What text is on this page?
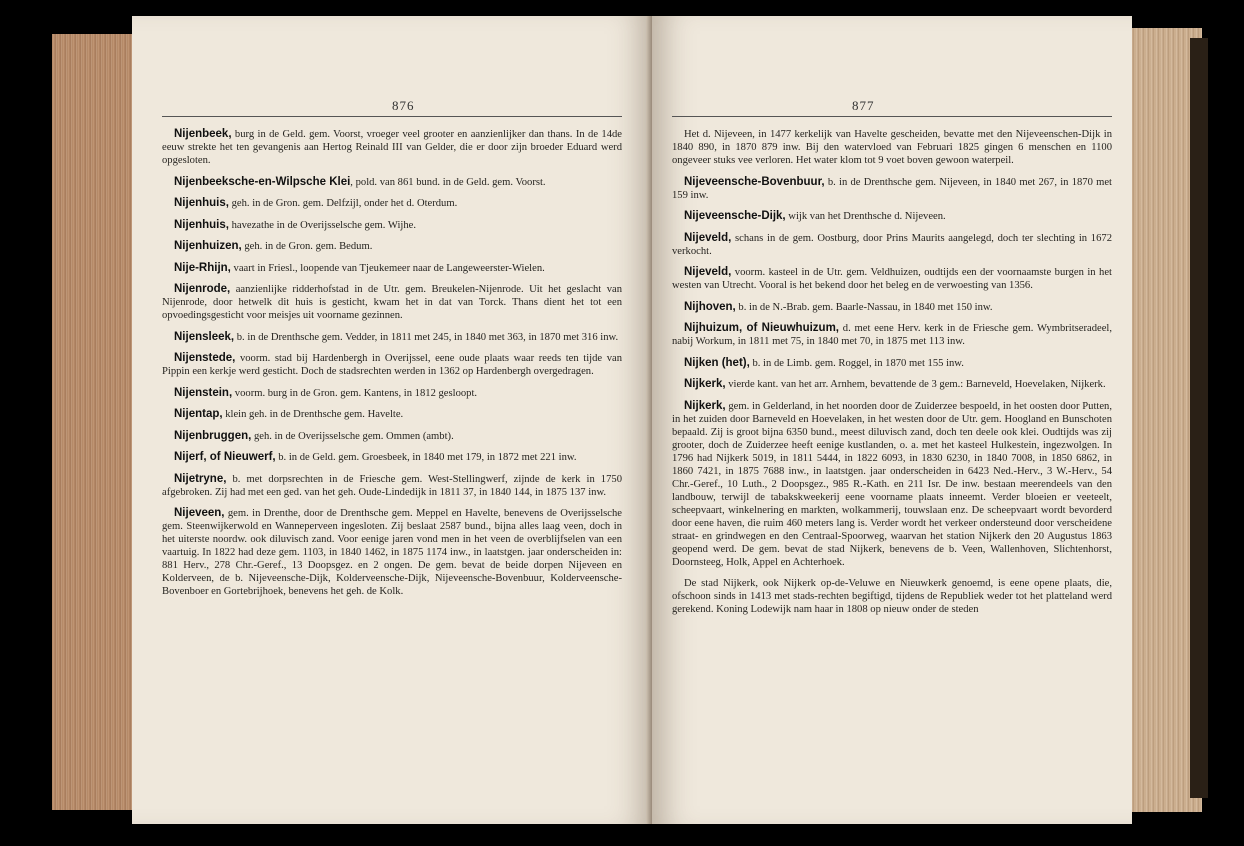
876

Nijenbeek, burg in de Geld. gem. Voorst, vroeger veel grooter en aanzienlijker dan thans. In de 14de eeuw strekte het ten gevangenis aan Hertog Reinald III van Gelder, die er door zijn broeder Eduard werd opgesloten.

Nijenbeeksche-en-Wilpsche Klei, pold. van 861 bund. in de Geld. gem. Voorst.

Nijenhuis, geh. in de Gron. gem. Delfzijl, onder het d. Oterdum.

Nijenhuis, havezathe in de Overijsselsche gem. Wijhe.

Nijenhuizen, geh. in de Gron. gem. Bedum.

Nije-Rhijn, vaart in Friesl., loopende van Tjeukemeer naar de Langeweerster-Wielen.

Nijenrode, aanzienlijke ridderhofstad in de Utr. gem. Breukelen-Nijenrode. Uit het geslacht van Nijenrode, door hetwelk dit huis is gesticht, kwam het in dat van Torck. Thans dient het tot een opvoedingsgesticht voor meisjes uit voorname gezinnen.

Nijensleek, b. in de Drenthsche gem. Vedder, in 1811 met 245, in 1840 met 363, in 1870 met 316 inw.

Nijenstede, voorm. stad bij Hardenbergh in Overijssel, eene oude plaats waar reeds ten tijde van Pippin een kerkje werd gesticht. Doch de stadsrechten werden in 1362 op Hardenbergh overgedragen.

Nijenstein, voorm. burg in de Gron. gem. Kantens, in 1812 gesloopt.

Nijentap, klein geh. in de Drenthsche gem. Havelte.

Nijenbruggen, geh. in de Overijsselsche gem. Ommen (ambt).

Nijerf, of Nieuwerf, b. in de Geld. gem. Groesbeek, in 1840 met 179, in 1872 met 221 inw.

Nijetryne, b. met dorpsrechten in de Friesche gem. West-Stellingwerf, zijnde de kerk in 1750 afgebroken. Zij had met een ged. van het geh. Oude-Lindedijk in 1811 37, in 1840 144, in 1875 137 inw.

Nijeveen, gem. in Drenthe, door de Drenthsche gem. Meppel en Havelte, benevens de Overijsselsche gem. Steenwijkerwold en Wanneperveen ingesloten. Zij beslaat 2587 bund., bijna alles laag veen, doch in het uiterste noordw. ook diluvisch zand. Voor eenige jaren vond men in het veen de overblijfselen van een vaartuig. In 1822 had deze gem. 1103, in 1840 1462, in 1875 1174 inw., in laatstgen. jaar onderscheiden in: 881 Herv., 278 Chr.-Geref., 13 Doopsgez. en 2 ongen. De gem. bevat de beide dorpen Nijeveen en Kolderveen, de b. Nijeveensche-Dijk, Kolderveensche-Dijk, Nijeveensche-Bovenbuur, Kolderveensche-Bovenboer en Gortebrijhoek, benevens het geh. de Kolk.

877

Het d. Nijeveen, in 1477 kerkelijk van Havelte gescheiden, bevatte met den Nijeveenschen-Dijk in 1840 890, in 1870 879 inw. Bij den watervloed van Februari 1825 gingen 6 menschen en 1100 ongeveer stuks vee verloren. Het water klom tot 9 voet boven gewoon waterpeil.

Nijeveensche-Bovenbuur, b. in de Drenthsche gem. Nijeveen, in 1840 met 267, in 1870 met 159 inw.

Nijeveensche-Dijk, wijk van het Drenthsche d. Nijeveen.

Nijeveld, schans in de gem. Oostburg, door Prins Maurits aangelegd, doch ter slechting in 1672 verkocht.

Nijeveld, voorm. kasteel in de Utr. gem. Veldhuizen, oudtijds een der voornaamste burgen in het westen van Utrecht. Vooral is het bekend door het beleg en de verwoesting van 1356.

Nijhoven, b. in de N.-Brab. gem. Baarle-Nassau, in 1840 met 150 inw.

Nijhuizum, of Nieuwhuizum, d. met eene Herv. kerk in de Friesche gem. Wymbritseradeel, nabij Workum, in 1811 met 75, in 1840 met 70, in 1875 met 113 inw.

Nijken (het), b. in de Limb. gem. Roggel, in 1870 met 155 inw.

Nijkerk, vierde kant. van het arr. Arnhem, bevattende de 3 gem.: Barneveld, Hoevelaken, Nijkerk.

Nijkerk, gem. in Gelderland, in het noorden door de Zuiderzee bespoeld, in het oosten door Putten, in het zuiden door Barneveld en Hoevelaken, in het westen door de Utr. gem. Hoogland en Bunschoten bepaald. Zij is groot bijna 6350 bund., meest diluvisch zand, doch ten deele ook klei. Oudtijds was zij grooter, doch de Zuiderzee heeft eenige kustlanden, o. a. met het kasteel Hulkestein, ingezwolgen. In 1796 had Nijkerk 5019, in 1811 5444, in 1822 6093, in 1830 6230, in 1840 7008, in 1850 6862, in 1860 7421, in 1875 7688 inw., in laatstgen. jaar onderscheiden in 6423 Ned.-Herv., 3 W.-Herv., 54 Chr.-Geref., 10 Luth., 2 Doopsgez., 985 R.-Kath. en 211 Isr. De inw. bestaan meerendeels van den landbouw, terwijl de tabakskweekerij eene voorname plaats inneemt. Verder bloeien er veeteelt, scheepvaart, winkelnering en markten, wolkammerij, touwslaan enz. De scheepvaart wordt bevorderd door eene haven, die ruim 460 meters lang is. Verder wordt het verkeer ondersteund door verscheidene straat- en grindwegen en den Centraal-Spoorweg, waarvan het station Nijkerk den 20 Augustus 1863 geopend werd. De gem. bevat de stad Nijkerk, benevens de b. Veen, Wallenhoven, Slichtenhorst, Doornsteeg, Holk, Appel en Achterhoek.

De stad Nijkerk, ook Nijkerk op-de-Veluwe en Nieuwkerk genoemd, is eene opene plaats, die, ofschoon sinds in 1413 met stads-rechten begiftigd, tijdens de Republiek weder tot het platteland werd gerekend. Koning Lodewijk nam haar in 1808 op nieuw onder de steden
